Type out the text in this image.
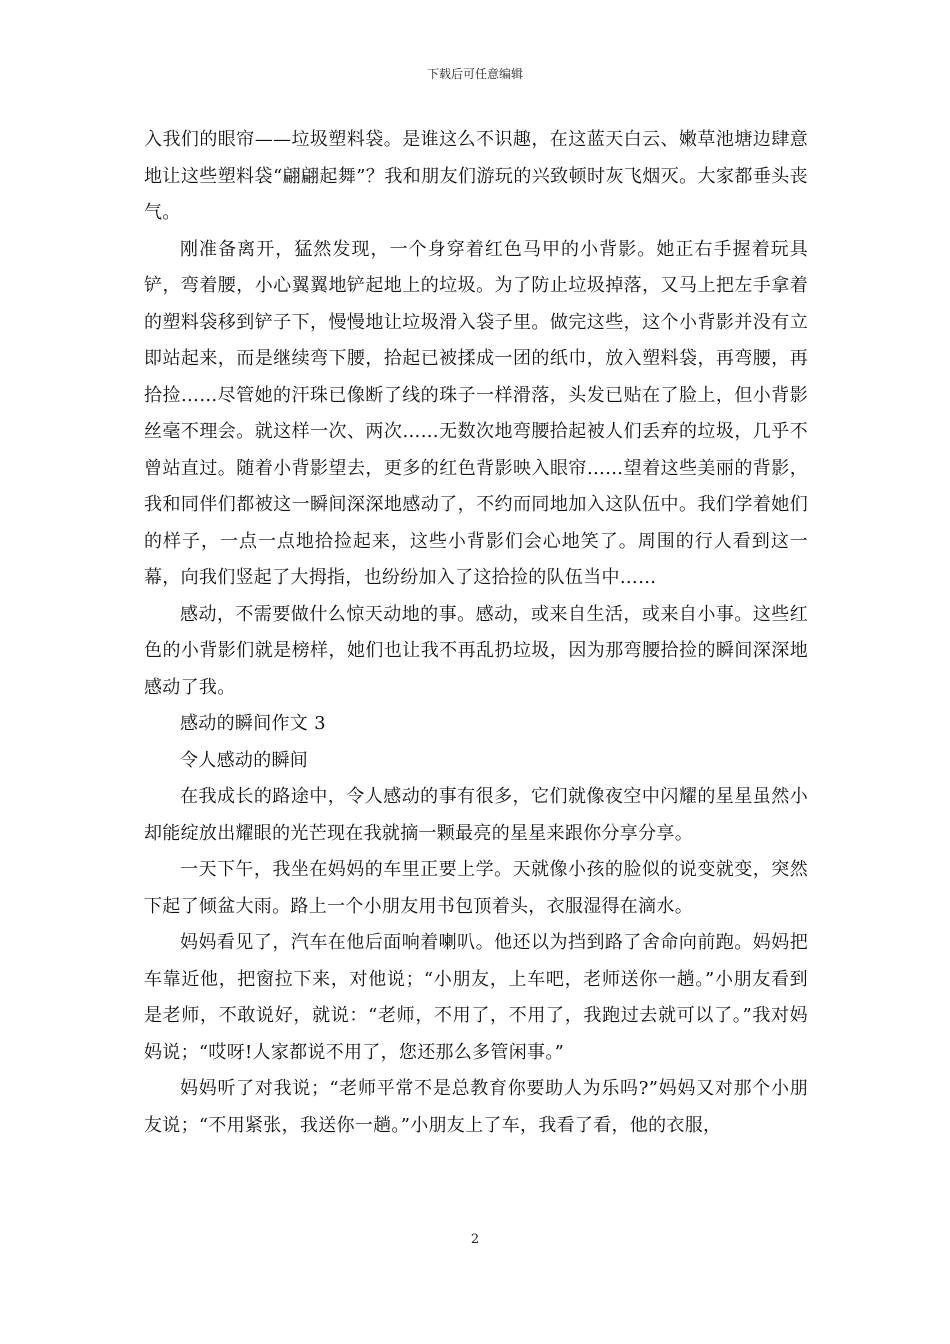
下载后可任意编辑

入我们的眼帘——垃圾塑料袋。是谁这么不识趣，在这蓝天白云、嫩草池塘边肆意地让这些塑料袋“翩翩起舞”？我和朋友们游玩的兴致顿时灰飞烟灭。大家都垂头丧气。

刚准备离开，猛然发现，一个身穿着红色马甲的小背影。她正右手握着玩具铲，弯着腰，小心翼翼地铲起地上的垃圾。为了防止垃圾掉落，又马上把左手拿着的塑料袋移到铲子下，慢慢地让垃圾滑入袋子里。做完这些，这个小背影并没有立即站起来，而是继续弯下腰，拾起已被揉成一团的纸巾，放入塑料袋，再弯腰，再拾捡……尽管她的汗珠已像断了线的珠子一样滑落，头发已贴在了脸上，但小背影丝毫不理会。就这样一次、两次……无数次地弯腰拾起被人们丢弃的垃圾，几乎不曾站直过。随着小背影望去，更多的红色背影映入眼帘……望着这些美丽的背影，我和同伴们都被这一瞬间深深地感动了，不约而同地加入这队伍中。我们学着她们的样子，一点一点地拾捡起来，这些小背影们会心地笑了。周围的行人看到这一幕，向我们竖起了大拇指，也纷纷加入了这拾捡的队伍当中……

感动，不需要做什么惊天动地的事。感动，或来自生活，或来自小事。这些红色的小背影们就是榜样，她们也让我不再乱扔垃圾，因为那弯腰拾捡的瞬间深深地感动了我。

感动的瞬间作文 3

令人感动的瞬间

在我成长的路途中，令人感动的事有很多，它们就像夜空中闪耀的星星虽然小却能绽放出耀眼的光芒现在我就摘一颗最亮的星星来跟你分享分享。

一天下午，我坐在妈妈的车里正要上学。天就像小孩的脸似的说变就变，突然下起了倾盆大雨。路上一个小朋友用书包顶着头，衣服湿得在滴水。

妈妈看见了，汽车在他后面响着喇叭。他还以为挡到路了舍命向前跑。妈妈把车靠近他，把窗拉下来，对他说；“小朋友，上车吧，老师送你一趟。”小朋友看到是老师，不敢说好，就说：“老师，不用了，不用了，我跑过去就可以了。”我对妈妈说；“哎呀!人家都说不用了，您还那么多管闲事。”

妈妈听了对我说；“老师平常不是总教育你要助人为乐吗?”妈妈又对那个小朋友说；“不用紧张，我送你一趟。”小朋友上了车，我看了看，他的衣服，

2
